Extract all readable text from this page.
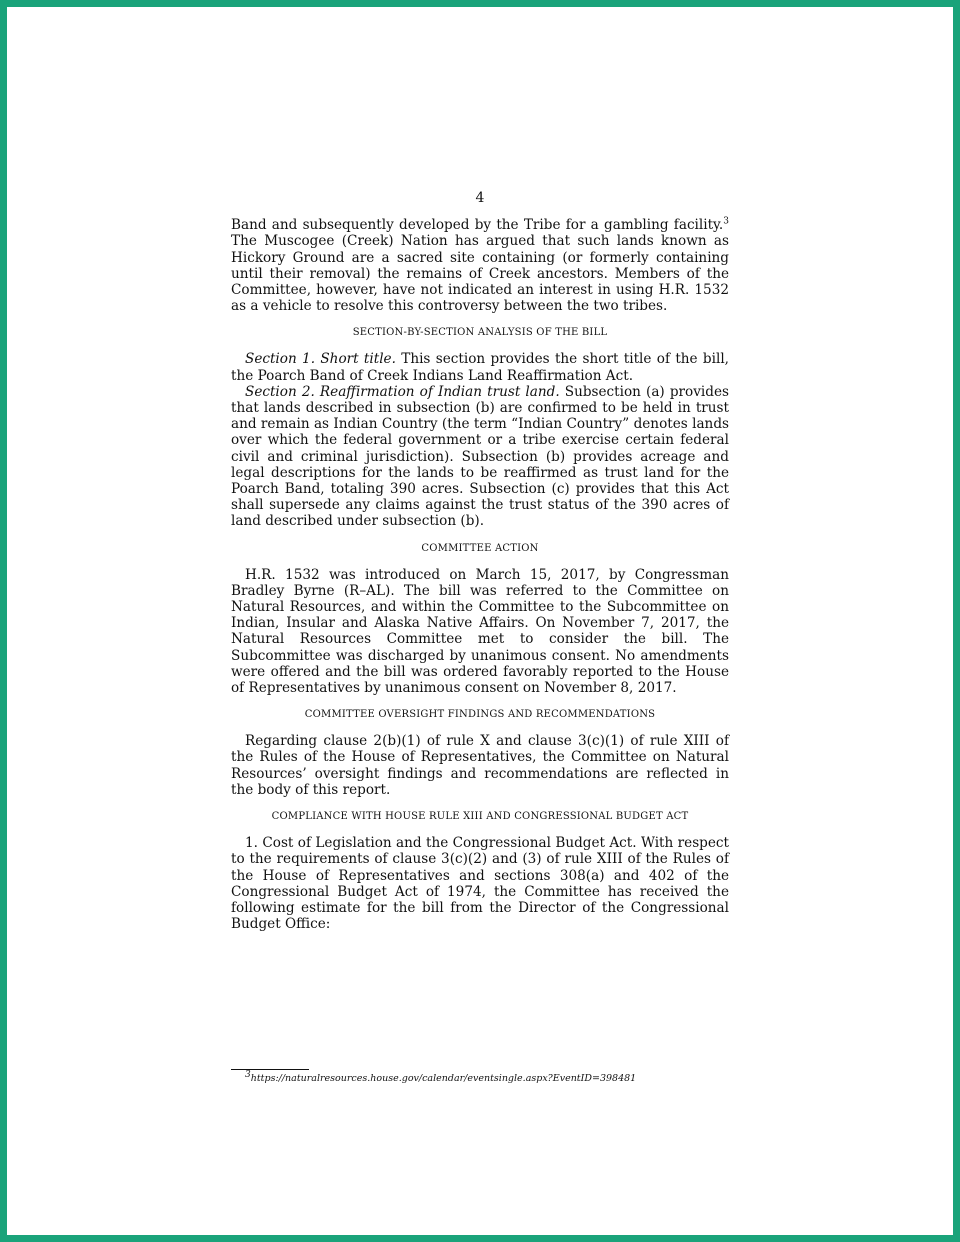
4

Band and subsequently developed by the Tribe for a gambling facility.$^3$ The Muscogee (Creek) Nation has argued that such lands known as Hickory Ground are a sacred site containing (or formerly containing until their removal) the remains of Creek ancestors. Members of the Committee, however, have not indicated an interest in using H.R. 1532 as a vehicle to resolve this controversy between the two tribes.

SECTION-BY-SECTION ANALYSIS OF THE BILL

Section 1. Short title. This section provides the short title of the bill, the Poarch Band of Creek Indians Land Reaffirmation Act.

Section 2. Reaffirmation of Indian trust land. Subsection (a) provides that lands described in subsection (b) are confirmed to be held in trust and remain as Indian Country (the term “Indian Country” denotes lands over which the federal government or a tribe exercise certain federal civil and criminal jurisdiction). Subsection (b) provides acreage and legal descriptions for the lands to be reaffirmed as trust land for the Poarch Band, totaling 390 acres. Subsection (c) provides that this Act shall supersede any claims against the trust status of the 390 acres of land described under subsection (b).

COMMITTEE ACTION

H.R. 1532 was introduced on March 15, 2017, by Congressman Bradley Byrne (R–AL). The bill was referred to the Committee on Natural Resources, and within the Committee to the Subcommittee on Indian, Insular and Alaska Native Affairs. On November 7, 2017, the Natural Resources Committee met to consider the bill. The Subcommittee was discharged by unanimous consent. No amendments were offered and the bill was ordered favorably reported to the House of Representatives by unanimous consent on November 8, 2017.

COMMITTEE OVERSIGHT FINDINGS AND RECOMMENDATIONS

Regarding clause 2(b)(1) of rule X and clause 3(c)(1) of rule XIII of the Rules of the House of Representatives, the Committee on Natural Resources’ oversight findings and recommendations are reflected in the body of this report.

COMPLIANCE WITH HOUSE RULE XIII AND CONGRESSIONAL BUDGET ACT

1. Cost of Legislation and the Congressional Budget Act. With respect to the requirements of clause 3(c)(2) and (3) of rule XIII of the Rules of the House of Representatives and sections 308(a) and 402 of the Congressional Budget Act of 1974, the Committee has received the following estimate for the bill from the Director of the Congressional Budget Office:

$^3$https://naturalresources.house.gov/calendar/eventsingle.aspx?EventID=398481
